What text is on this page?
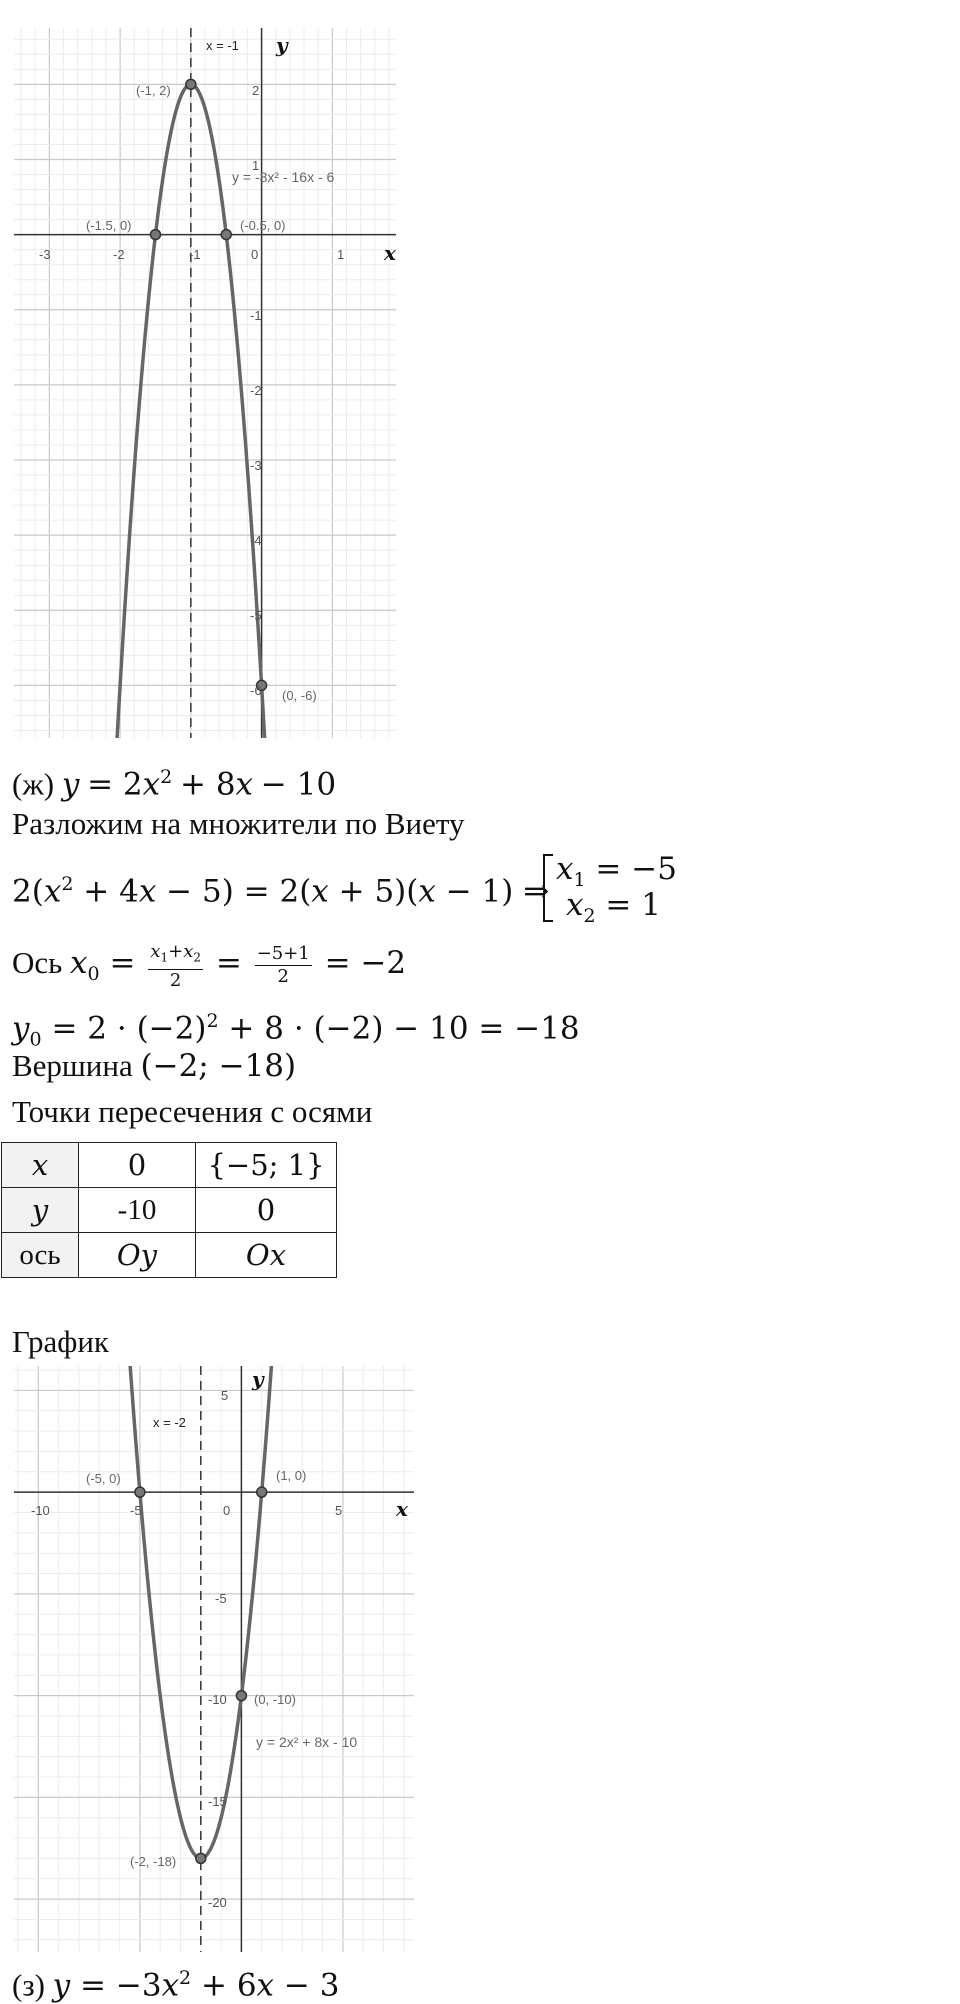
x = -1 y
x
y = -8x² - 16x - 6
-3	-2	-1	0	1
2
1
-1
-2
-3
-4
-5
-6
(-1, 2)
(-1.5, 0)	(-0.5, 0)
(0, -6)
(ж) $y = 2x^2 + 8x - 10$
Разложим на множители по Виету
$2(x^2 + 4x - 5) = 2(x + 5)(x - 1)$ ⇒
$x_1 = -5$
$x_2 = 1$
Ось $x_0 = \frac{x_1+x_2}{2} = \frac{-5+1}{2} = -2$
$y_0 = 2 \cdot (-2)^2 + 8 \cdot (-2) - 10 = -18$
Вершина (−2; −18)
Точки пересечения с осями
x	0	{−5; 1}
y	-10	0
ось	Oy	Ox
График
x = -2
y
x
y = 2x² + 8x - 10
-10	-5	0	5
5
-5
-10
-15
-20
(-5, 0)	(1, 0)
(0, -10)
(-2, -18)
(з) $y = -3x^2 + 6x - 3$
